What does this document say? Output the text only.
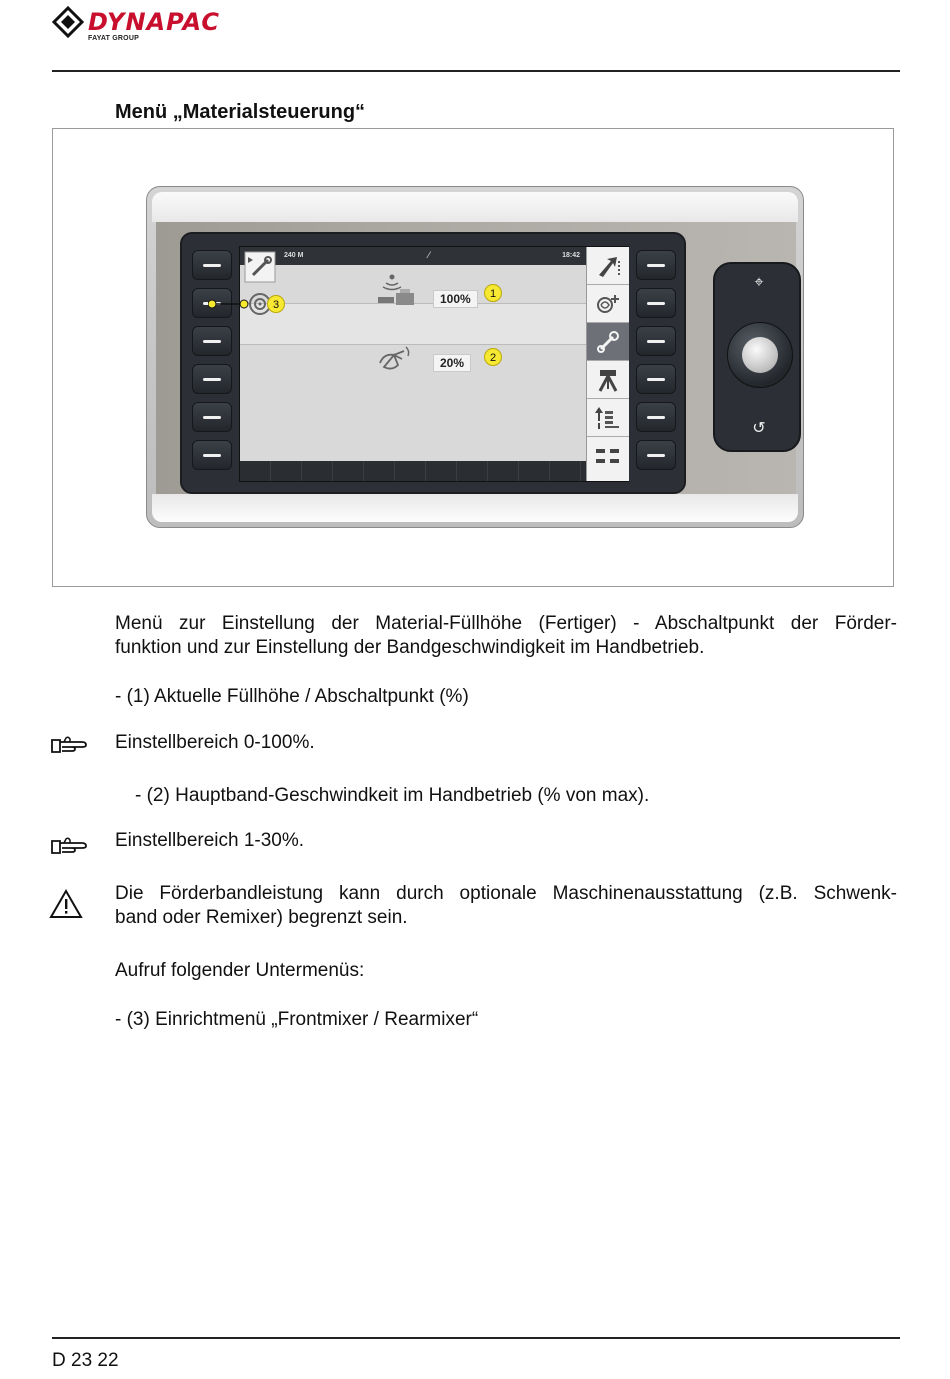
DYNAPAC
FAYAT GROUP
Menü „Materialsteuerung“
240 M	⁄	18:42
100%
20%
3
1
2
⌖
↺
Menü zur Einstellung der Material-Füllhöhe (Fertiger) - Abschaltpunkt der Förder-
funktion und zur Einstellung der Bandgeschwindigkeit im Handbetrieb.
- (1) Aktuelle Füllhöhe / Abschaltpunkt (%)
Einstellbereich 0-100%.
- (2) Hauptband-Geschwindkeit im Handbetrieb (% von max).
Einstellbereich 1-30%.
Die Förderbandleistung kann durch optionale Maschinenausstattung (z.B. Schwenk-
band oder Remixer) begrenzt sein.
Aufruf folgender Untermenüs:
- (3) Einrichtmenü „Frontmixer / Rearmixer“
D 23 22
